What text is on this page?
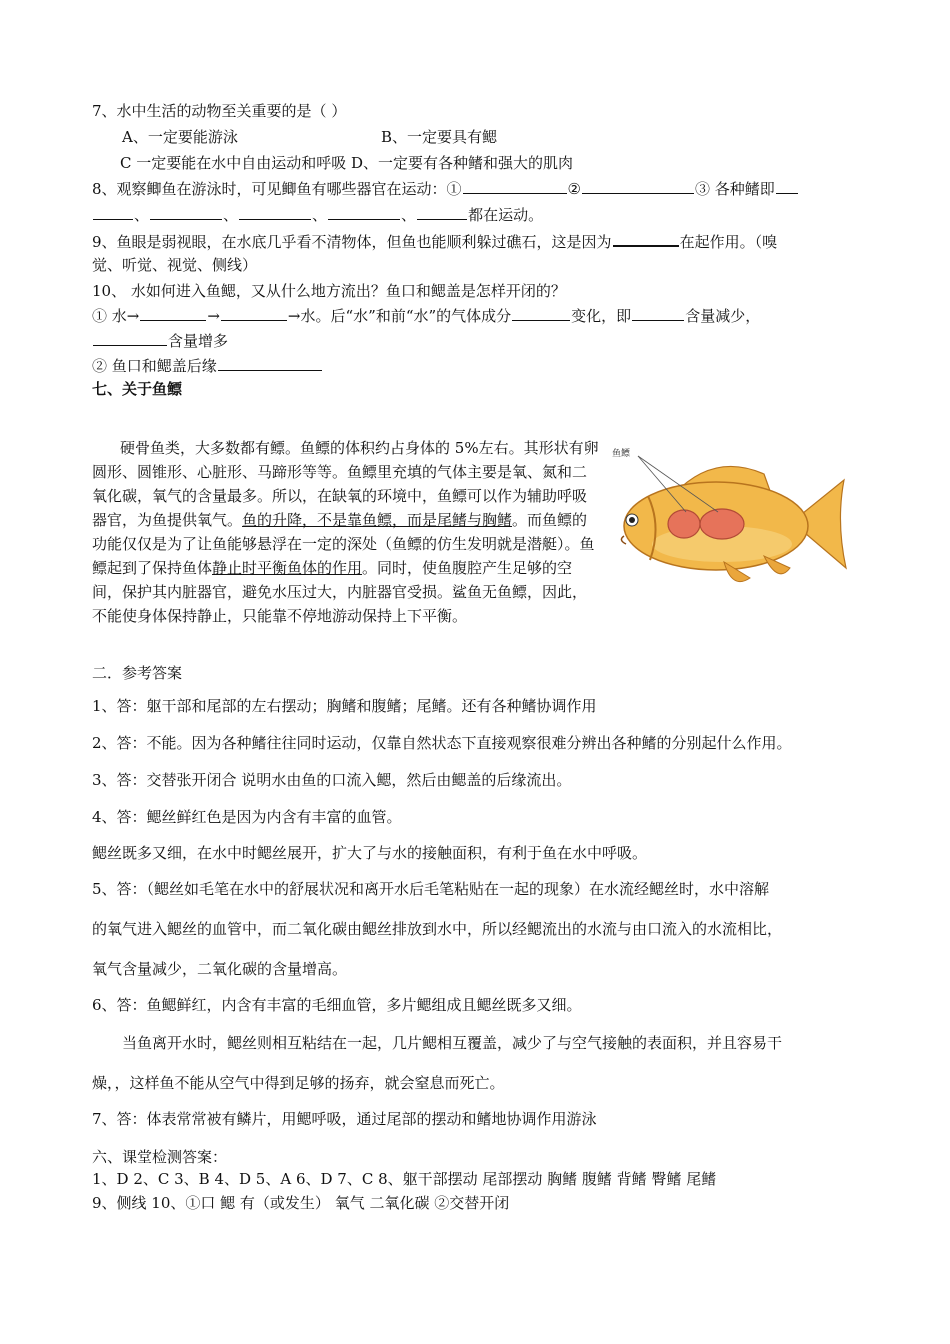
7、水中生活的动物至关重要的是（ ）
A、一定要能游泳	B、一定要具有鳃
C 一定要能在水中自由运动和呼吸 D、一定要有各种鳍和强大的肌肉
8、观察鲫鱼在游泳时，可见鲫鱼有哪些器官在运动：①	②	③ 各种鳍即
、	、	、	、	都在运动。
9、鱼眼是弱视眼，在水底几乎看不清物体，但鱼也能顺利躲过礁石，这是因为	在起作用。（嗅
觉、听觉、视觉、侧线）
10、 水如何进入鱼鳃，又从什么地方流出？鱼口和鳃盖是怎样开闭的？
① 水→	→	→水。后“水”和前“水”的气体成分	变化，即	含量减少，
含量增多
② 鱼口和鳃盖后缘
七、关于鱼鳔
硬骨鱼类，大多数都有鳔。鱼鳔的体积约占身体的 5%左右。其形状有卵圆形、圆锥形、心脏形、马蹄形等等。鱼鳔里充填的气体主要是氧、氮和二氧化碳，氧气的含量最多。所以，在缺氧的环境中，鱼鳔可以作为辅助呼吸器官，为鱼提供氧气。鱼的升降，不是靠鱼鳔，而是尾鳍与胸鳍。而鱼鳔的功能仅仅是为了让鱼能够悬浮在一定的深处（鱼鳔的仿生发明就是潜艇）。鱼鳔起到了保持鱼体静止时平衡鱼体的作用。同时，使鱼腹腔产生足够的空间，保护其内脏器官，避免水压过大，内脏器官受损。鲨鱼无鱼鳔，因此，不能使身体保持静止，只能靠不停地游动保持上下平衡。
鱼鳔
二．参考答案
1、答：躯干部和尾部的左右摆动；胸鳍和腹鳍；尾鳍。还有各种鳍协调作用
2、答：不能。因为各种鳍往往同时运动，仅靠自然状态下直接观察很难分辨出各种鳍的分别起什么作用。
3、答：交替张开闭合 说明水由鱼的口流入鳃，然后由鳃盖的后缘流出。
4、答：鳃丝鲜红色是因为内含有丰富的血管。
鳃丝既多又细，在水中时鳃丝展开，扩大了与水的接触面积，有利于鱼在水中呼吸。
5、答：（鳃丝如毛笔在水中的舒展状况和离开水后毛笔粘贴在一起的现象）在水流经鳃丝时，水中溶解
的氧气进入鳃丝的血管中，而二氧化碳由鳃丝排放到水中，所以经鳃流出的水流与由口流入的水流相比，
氧气含量减少，二氧化碳的含量增高。
6、答：鱼鳃鲜红，内含有丰富的毛细血管，多片鳃组成且鳃丝既多又细。
当鱼离开水时，鳃丝则相互粘结在一起，几片鳃相互覆盖，减少了与空气接触的表面积，并且容易干
燥，，这样鱼不能从空气中得到足够的扬弃，就会窒息而死亡。
7、答：体表常常被有鳞片，用鳃呼吸，通过尾部的摆动和鳍地协调作用游泳
六、课堂检测答案：
1、D 2、C 3、B 4、D 5、A 6、D 7、C 8、躯干部摆动 尾部摆动 胸鳍 腹鳍 背鳍 臀鳍 尾鳍
9、侧线 10、①口 鳃 有（或发生） 氧气 二氧化碳 ②交替开闭
